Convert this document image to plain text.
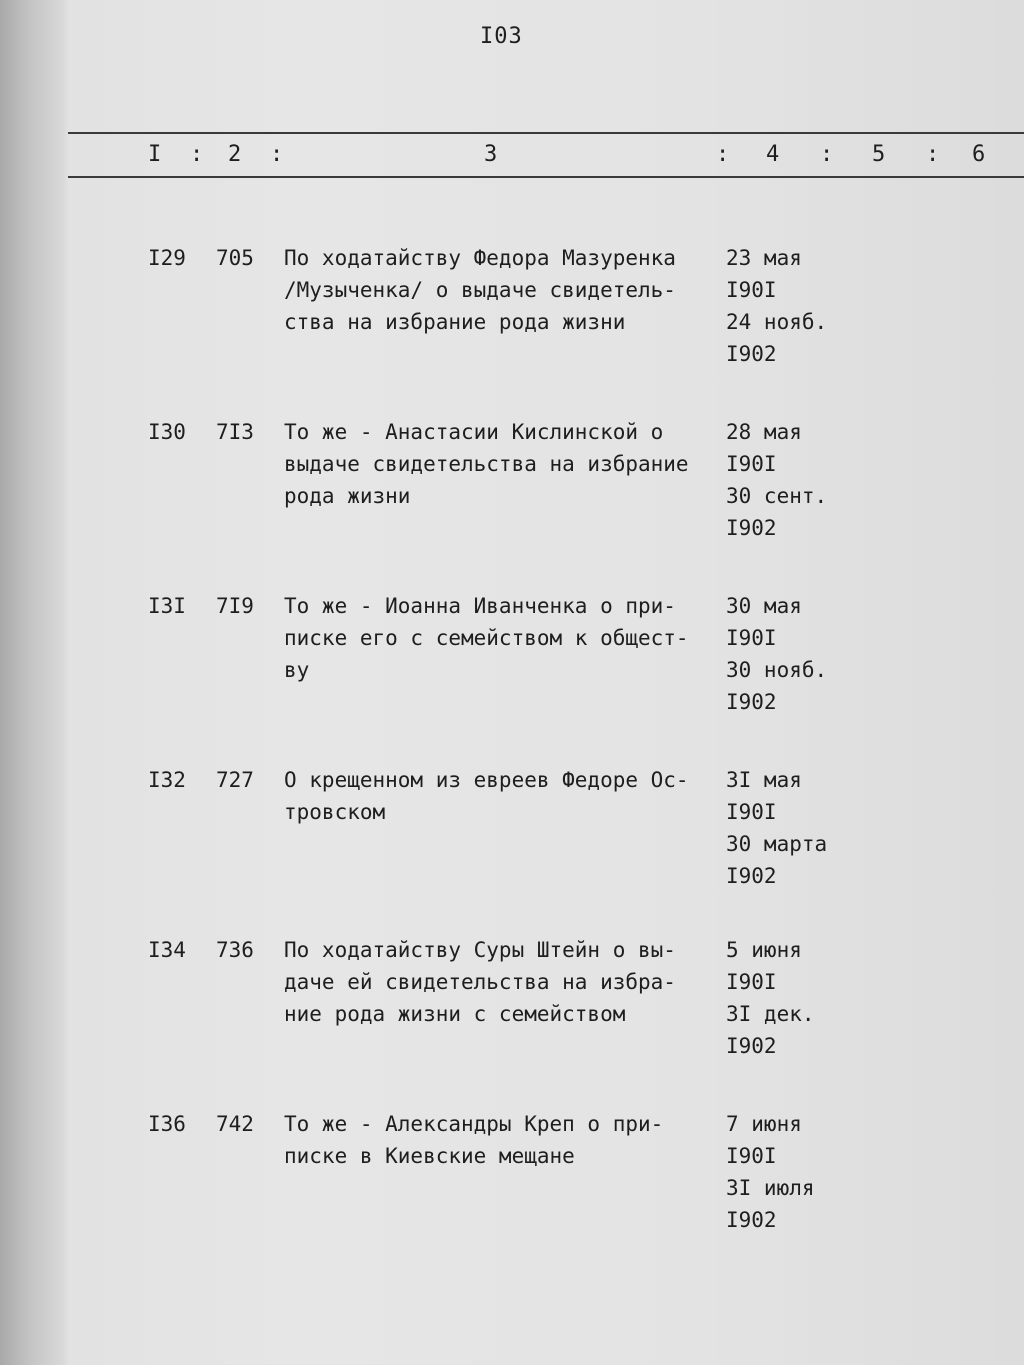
I03
I : 2 :	3	: 4 : 5 : 6
I29 705 По ходатайству Федора Мазуренка
/Музыченка/ о выдаче свидетель-
ства на избрание рода жизни
23 мая
I90I
24 нояб.
I902
I30 7I3 То же - Анастасии Кислинской о
выдаче свидетельства на избрание
рода жизни
28 мая
I90I
30 сент.
I902
I3I 7I9 То же - Иоанна Иванченка о при-
писке его с семейством к общест-
ву
30 мая
I90I
30 нояб.
I902
I32 727 О крещенном из евреев Федоре Ос-
тровском
3I мая
I90I
30 марта
I902
I34 736 По ходатайству Суры Штейн о вы-
даче ей свидетельства на избра-
ние рода жизни с семейством
5 июня
I90I
3I дек.
I902
I36 742 То же - Александры Креп о при-
писке в Киевские мещане
7 июня
I90I
3I июля
I902
